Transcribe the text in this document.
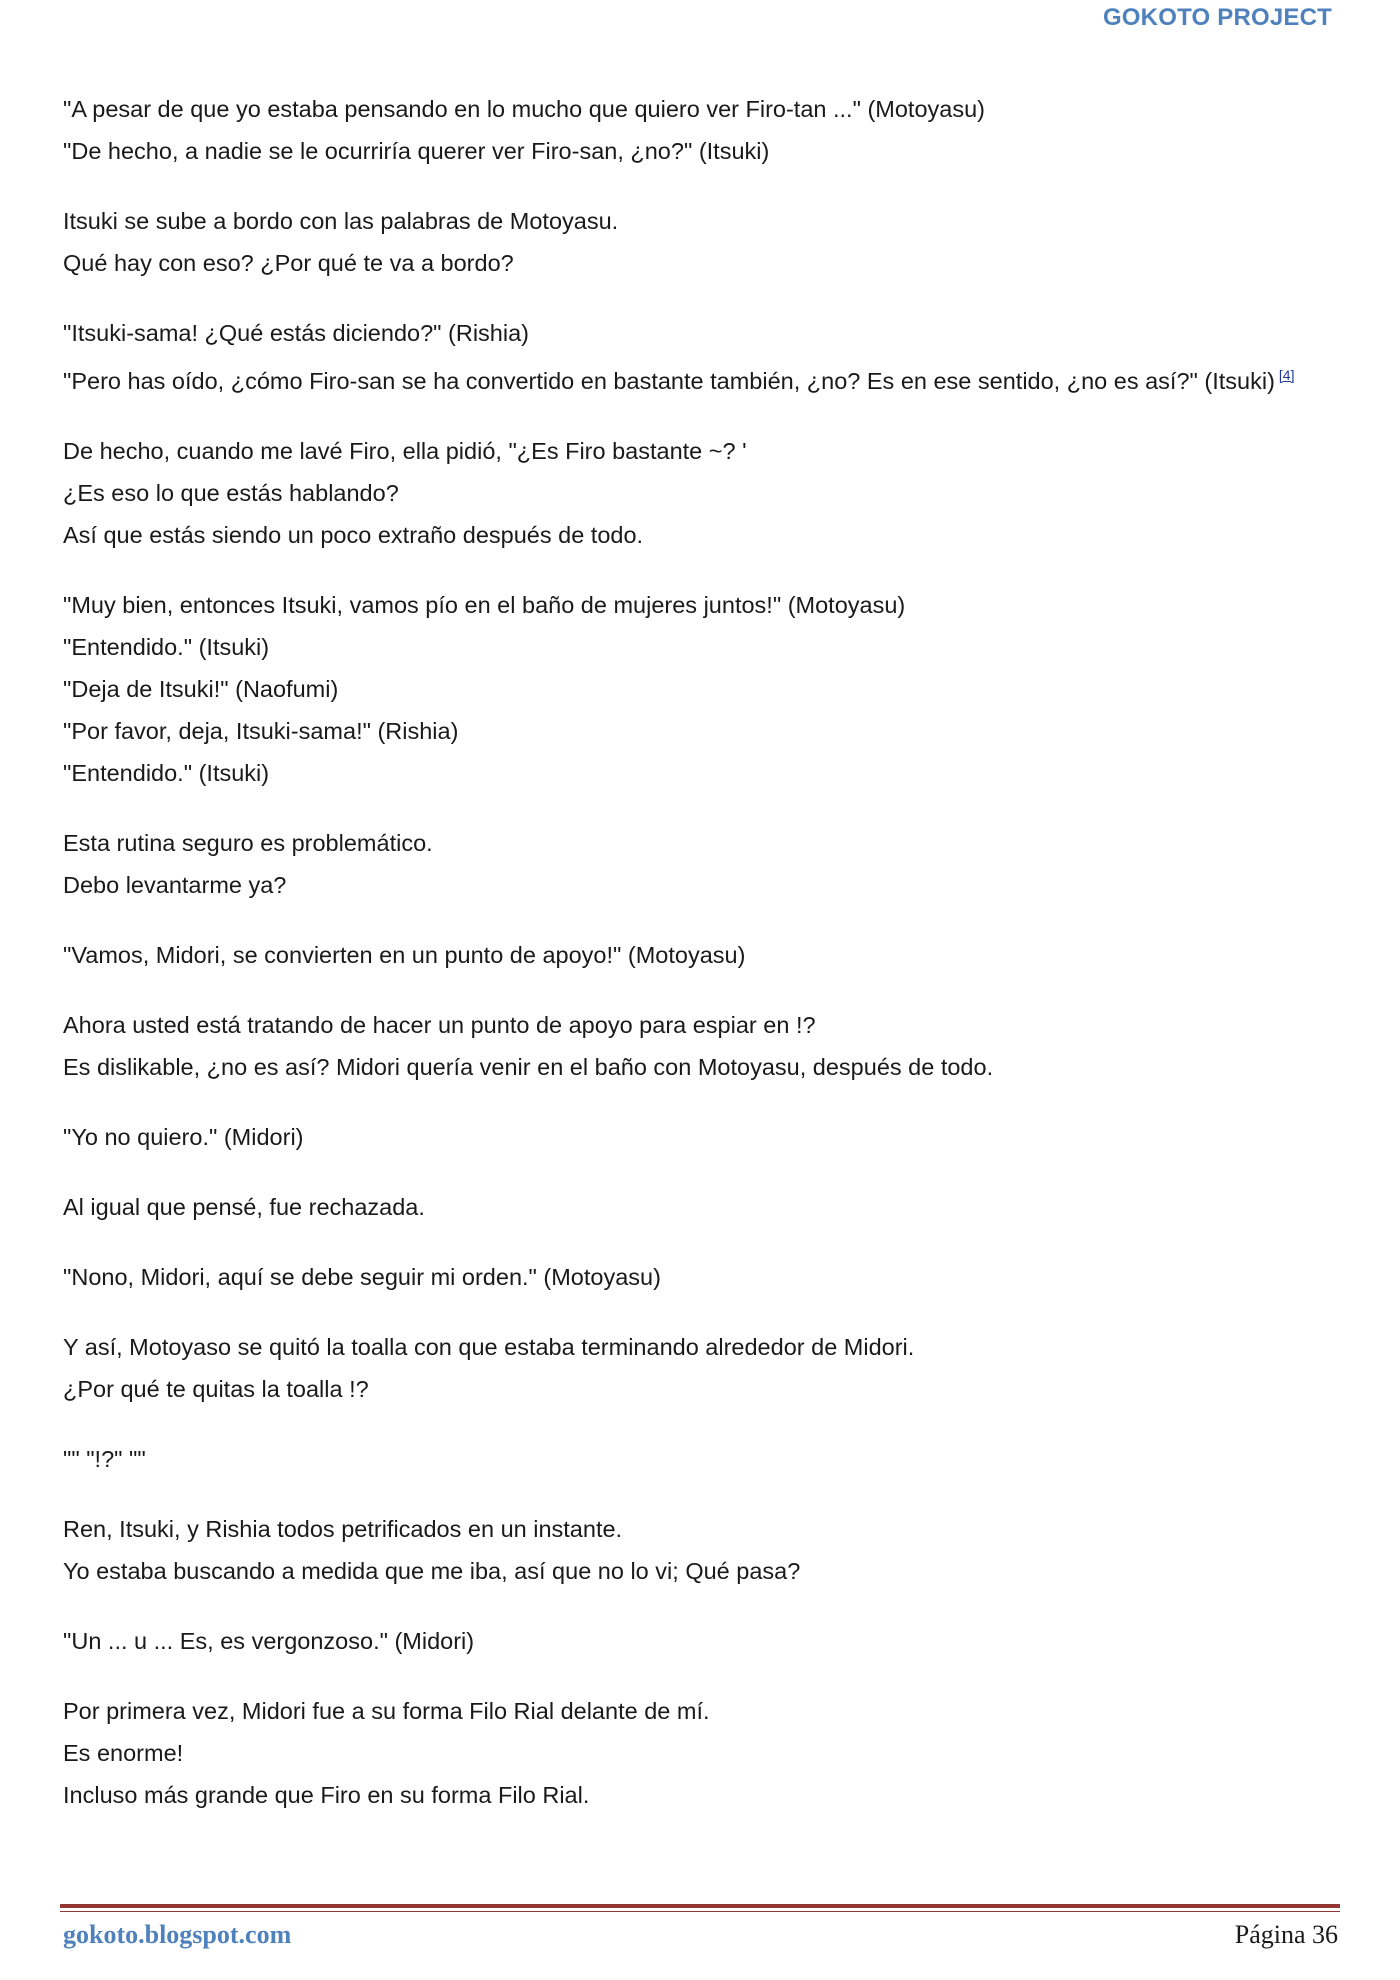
GOKOTO PROJECT
"A pesar de que yo estaba pensando en lo mucho que quiero ver Firo-tan ..." (Motoyasu)
"De hecho, a nadie se le ocurriría querer ver Firo-san, ¿no?" (Itsuki)
Itsuki se sube a bordo con las palabras de Motoyasu.
Qué hay con eso? ¿Por qué te va a bordo?
"Itsuki-sama! ¿Qué estás diciendo?" (Rishia)
"Pero has oído, ¿cómo Firo-san se ha convertido en bastante también, ¿no? Es en ese sentido, ¿no es así?" (Itsuki) [4]
De hecho, cuando me lavé Firo, ella pidió, "¿Es Firo bastante ~? '
¿Es eso lo que estás hablando?
Así que estás siendo un poco extraño después de todo.
"Muy bien, entonces Itsuki, vamos pío en el baño de mujeres juntos!" (Motoyasu)
"Entendido." (Itsuki)
"Deja de Itsuki!" (Naofumi)
"Por favor, deja, Itsuki-sama!" (Rishia)
"Entendido." (Itsuki)
Esta rutina seguro es problemático.
Debo levantarme ya?
"Vamos, Midori, se convierten en un punto de apoyo!" (Motoyasu)
Ahora usted está tratando de hacer un punto de apoyo para espiar en !?
Es dislikable, ¿no es así? Midori quería venir en el baño con Motoyasu, después de todo.
"Yo no quiero." (Midori)
Al igual que pensé, fue rechazada.
"Nono, Midori, aquí se debe seguir mi orden." (Motoyasu)
Y así, Motoyaso se quitó la toalla con que estaba terminando alrededor de Midori.
¿Por qué te quitas la toalla !?
"" "!?" ""
Ren, Itsuki, y Rishia todos petrificados en un instante.
Yo estaba buscando a medida que me iba, así que no lo vi; Qué pasa?
"Un ... u ... Es, es vergonzoso." (Midori)
Por primera vez, Midori fue a su forma Filo Rial delante de mí.
Es enorme!
Incluso más grande que Firo en su forma Filo Rial.
gokoto.blogspot.com	Página 36
